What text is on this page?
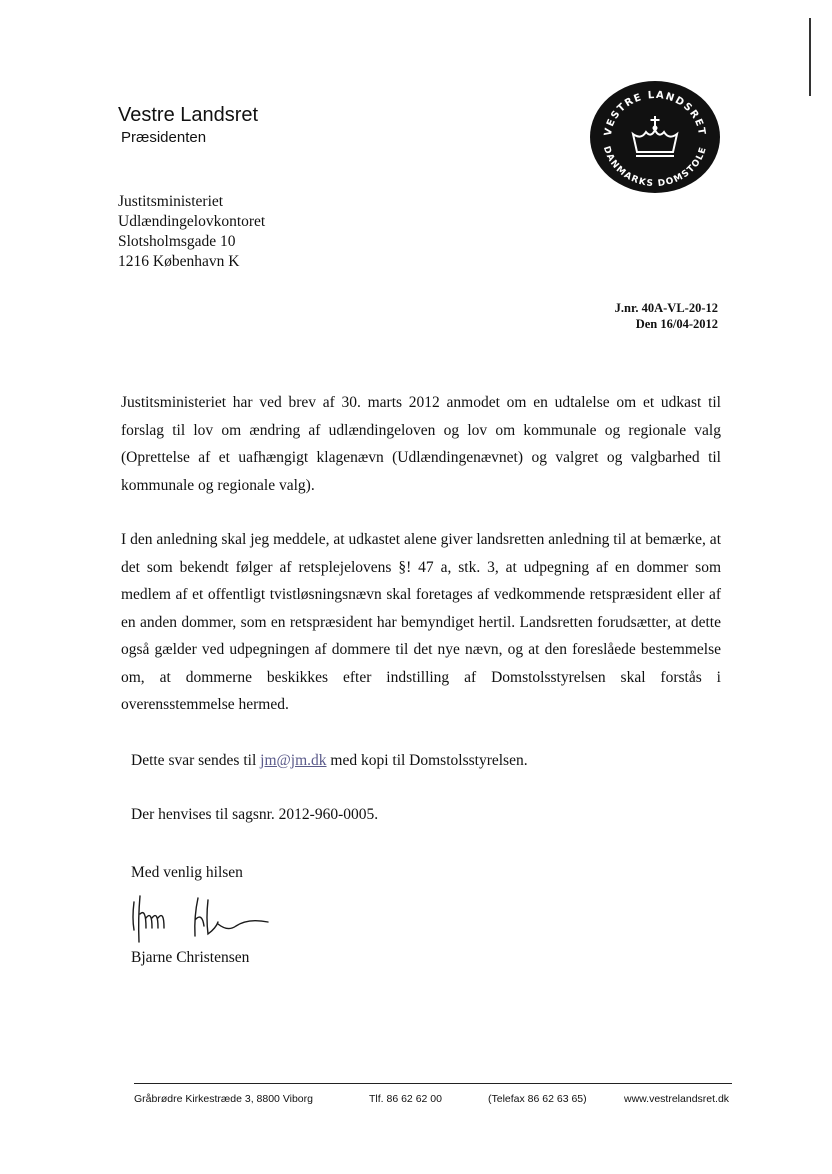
Vestre Landsret
Præsidenten	VESTRE LANDSRET
DANMARKS DOMSTOLE
Justitsministeriet
Udlændingelovkontoret
Slotsholmsgade 10
1216 København K
J.nr. 40A-VL-20-12
Den 16/04-2012
Justitsministeriet har ved brev af 30. marts 2012 anmodet om en udtalelse om et udkast til forslag til lov om ændring af udlændingeloven og lov om kommunale og regionale valg (Oprettelse af et uafhængigt klagenævn (Udlændingenævnet) og valgret og valgbarhed til kommunale og regionale valg).
I den anledning skal jeg meddele, at udkastet alene giver landsretten anledning til at bemærke, at det som bekendt følger af retsplejelovens §! 47 a, stk. 3, at udpegning af en dommer som medlem af et offentligt tvistløsningsnævn skal foretages af vedkommende retspræsident eller af en anden dommer, som en retspræsident har bemyndiget hertil. Landsretten forudsætter, at dette også gælder ved udpegningen af dommere til det nye nævn, og at den foreslåede bestemmelse om, at dommerne beskikkes efter indstilling af Domstolsstyrelsen skal forstås i overensstemmelse hermed.
Dette svar sendes til jm@jm.dk med kopi til Domstolsstyrelsen.
Der henvises til sagsnr. 2012-960-0005.
Med venlig hilsen
Bjarne Christensen
Gråbrødre Kirkestræde 3, 8800 Viborg	Tlf. 86 62 62 00	(Telefax 86 62 63 65)	www.vestrelandsret.dk
